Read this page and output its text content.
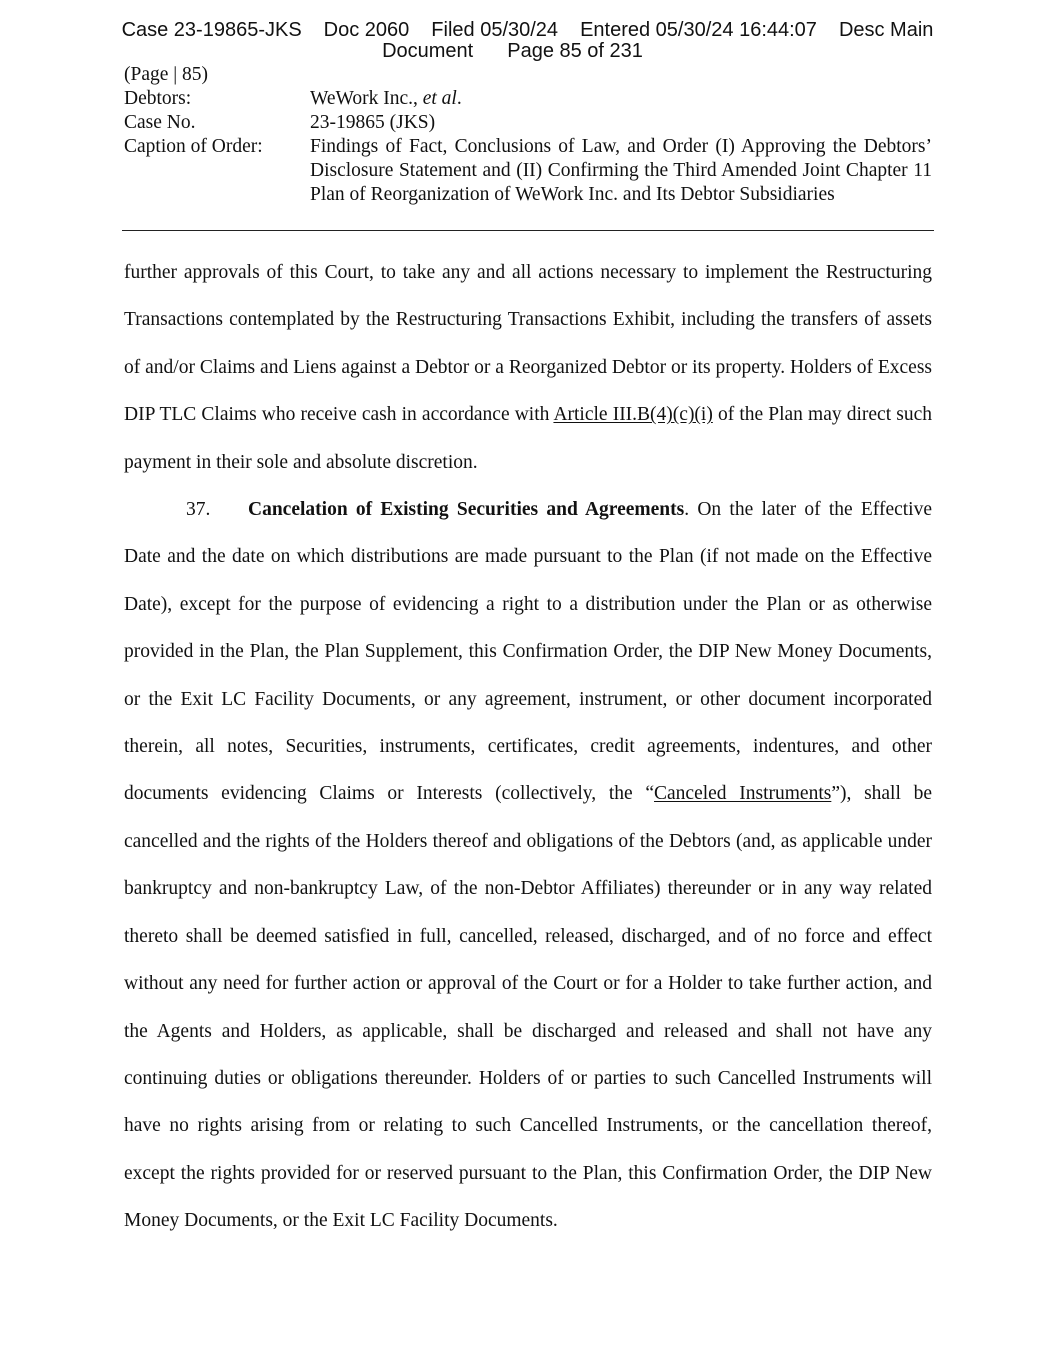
Case 23-19865-JKS Doc 2060 Filed 05/30/24 Entered 05/30/24 16:44:07 Desc Main
Document Page 85 of 231
(Page | 85)
Debtors:	WeWork Inc., et al.
Case No.	23-19865 (JKS)
Caption of Order:	Findings of Fact, Conclusions of Law, and Order (I) Approving the Debtors’ Disclosure Statement and (II) Confirming the Third Amended Joint Chapter 11 Plan of Reorganization of WeWork Inc. and Its Debtor Subsidiaries

further approvals of this Court, to take any and all actions necessary to implement the Restructuring Transactions contemplated by the Restructuring Transactions Exhibit, including the transfers of assets of and/or Claims and Liens against a Debtor or a Reorganized Debtor or its property. Holders of Excess DIP TLC Claims who receive cash in accordance with Article III.B(4)(c)(i) of the Plan may direct such payment in their sole and absolute discretion.

37. Cancelation of Existing Securities and Agreements. On the later of the Effective Date and the date on which distributions are made pursuant to the Plan (if not made on the Effective Date), except for the purpose of evidencing a right to a distribution under the Plan or as otherwise provided in the Plan, the Plan Supplement, this Confirmation Order, the DIP New Money Documents, or the Exit LC Facility Documents, or any agreement, instrument, or other document incorporated therein, all notes, Securities, instruments, certificates, credit agreements, indentures, and other documents evidencing Claims or Interests (collectively, the “Canceled Instruments”), shall be cancelled and the rights of the Holders thereof and obligations of the Debtors (and, as applicable under bankruptcy and non-bankruptcy Law, of the non-Debtor Affiliates) thereunder or in any way related thereto shall be deemed satisfied in full, cancelled, released, discharged, and of no force and effect without any need for further action or approval of the Court or for a Holder to take further action, and the Agents and Holders, as applicable, shall be discharged and released and shall not have any continuing duties or obligations thereunder. Holders of or parties to such Cancelled Instruments will have no rights arising from or relating to such Cancelled Instruments, or the cancellation thereof, except the rights provided for or reserved pursuant to the Plan, this Confirmation Order, the DIP New Money Documents, or the Exit LC Facility Documents.
